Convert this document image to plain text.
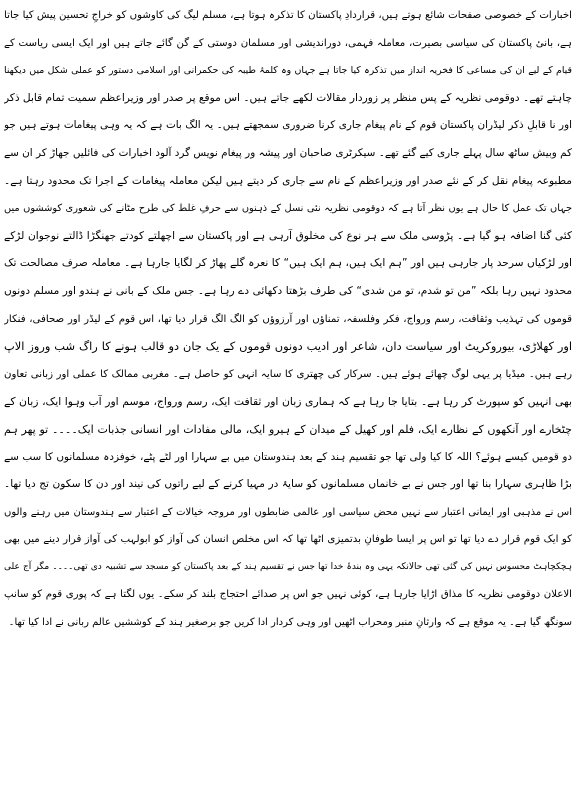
اخبارات کے خصوصی صفحات شائع ہوتے ہیں، قراردادِ پاکستان کا تذکرہ ہوتا ہے، مسلم لیگ کی کاوشوں کو خراجِ تحسین پیش کیا جاتا
ہے، بانیٔ پاکستان کی سیاسی بصیرت، معاملہ فہمی، دوراندیشی اور مسلمان دوستی کے گن گائے جاتے ہیں اور ایک ایسی ریاست کے
قیام کے لیے ان کی مساعی کا فخریہ انداز میں تذکرہ کیا جاتا ہے جہاں وہ کلمۂ طیبہ کی حکمرانی اور اسلامی دستور کو عملی شکل میں دیکھنا
چاہتے تھے۔ دوقومی نظریہ کے پس منظر پر زوردار مقالات لکھے جاتے ہیں۔ اس موقع پر صدر اور وزیراعظم سمیت تمام قابل ذکر
اور نا قابلِ ذکر لیڈران پاکستان قوم کے نام پیغام جاری کرنا ضروری سمجھتے ہیں۔ یہ الگ بات ہے کہ یہ وہی پیغامات ہوتے ہیں جو
کم وبیش ساٹھ سال پہلے جاری کیے گئے تھے۔ سیکرٹری صاحبان اور پیشہ ور پیغام نویس گرد آلود اخبارات کی فائلیں جھاڑ کر ان سے
مطبوعہ پیغام نقل کر کے نئے صدر اور وزیراعظم کے نام سے جاری کر دیتے ہیں لیکن معاملہ پیغامات کے اجرا تک محدود رہتا ہے۔
جہاں تک عمل کا حال ہے یوں نظر آتا ہے کہ دوقومی نظریہ نئی نسل کے ذہنوں سے حرفِ غلط کی طرح مٹانے کی شعوری کوششوں میں
کئی گنا اضافہ ہو گیا ہے۔ پڑوسی ملک سے ہر نوع کی مخلوق آرہی ہے اور پاکستان سے اچھلتے کودتے جھنگڑا ڈالتے نوجوان لڑکے
اور لڑکیاں سرحد پار جارہی ہیں اور ”ہم ایک ہیں، ہم ایک ہیں“ کا نعرہ گلے پھاڑ کر لگایا جارہا ہے۔ معاملہ صرف مصالحت تک
محدود نہیں رہا بلکہ ”من تو شدم، تو من شدی“ کی طرف بڑھتا دکھائی دے رہا ہے۔ جس ملک کے بانی نے ہندو اور مسلم دونوں
قوموں کی تہذیب وثقافت، رسم ورواج، فکر وفلسفہ، تمناؤں اور آرزوؤں کو الگ الگ قرار دیا تھا، اس قوم کے لیڈر اور صحافی، فنکار
اور کھلاڑی، بیوروکریٹ اور سیاست دان، شاعر اور ادیب دونوں قوموں کے یک جان دو قالب ہونے کا راگ شب وروز الاپ
رہے ہیں۔ میڈیا پر یہی لوگ چھائے ہوئے ہیں۔ سرکار کی چھتری کا سایہ انہی کو حاصل ہے۔ مغربی ممالک کا عملی اور زبانی تعاون
بھی انہیں کو سپورٹ کر رہا ہے۔ بتایا جا رہا ہے کہ ہماری زبان اور ثقافت ایک، رسم ورواج، موسم اور آب وہوا ایک، زبان کے
چٹخارے اور آنکھوں کے نظارے ایک، فلم اور کھیل کے میدان کے ہیرو ایک، مالی مفادات اور انسانی جذبات ایک۔۔۔۔ تو پھر ہم
دو قومیں کیسے ہوئے؟ اللہ کا کیا ولی تھا جو تقسیم ہند کے بعد ہندوستان میں بے سہارا اور لٹے پٹے، خوفزدہ مسلمانوں کا سب سے
بڑا ظاہری سہارا بنا تھا اور جس نے بے خانماں مسلمانوں کو سایۂ در مہیا کرنے کے لیے راتوں کی نیند اور دن کا سکون تج دیا تھا۔
اس نے مذہبی اور ایمانی اعتبار سے نہیں محض سیاسی اور عالمی ضابطوں اور مروجہ خیالات کے اعتبار سے ہندوستان میں رہنے والوں
کو ایک قوم قرار دے دیا تھا تو اس پر ایسا طوفانِ بدتمیزی اٹھا تھا کہ اس مخلص انسان کی آواز کو ابولہب کی آواز قرار دینے میں بھی
ہچکچاہٹ محسوس نہیں کی گئی تھی حالانکہ یہی وہ بندۂ خدا تھا جس نے تقسیم ہند کے بعد پاکستان کو مسجد سے تشبیہ دی تھی۔۔۔۔ مگر آج علی
الاعلان دوقومی نظریہ کا مذاق اڑایا جارہا ہے، کوئی نہیں جو اس پر صدائے احتجاج بلند کر سکے۔ یوں لگتا ہے کہ پوری قوم کو سانپ
سونگھ گیا ہے۔ یہ موقع ہے کہ وارثانِ منبر ومحراب اٹھیں اور وہی کردار ادا کریں جو برصغیر ہند کے کوششیں عالم ربانی نے ادا کیا تھا۔
